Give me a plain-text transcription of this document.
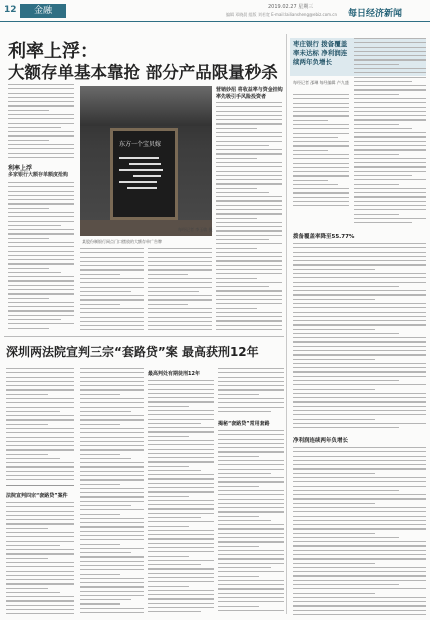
12	金融	2019.02.27 星期三
编辑 邓晓晨 组版 刘若宽 E-mail:lailiansheng@ebiz.com.cn 每日经济新闻
利率上浮：
大额存单基本靠抢 部分产品限量秒杀
利率上浮
多家银行大额存单额度抢购
东方一个宝贝嫁
某股份制银行网点门口摆放的大额存单广告牌
每经记者 李玉敏 摄
营销妙招 将收益率与资金挂钩
率先吸引手风险投资者
枣庄银行 拨备覆盖率未达标 净利润连续两年负增长
每经记者 邵琳 每经编辑 卢九盛
拨备覆盖率降至55.77%
净利润连续两年负增长
深圳两法院宣判三宗“套路贷”案 最高获刑12年
法院宣判四宗“套路贷”案件
最高判处有期徒刑12年
揭秘“套路贷”常用套路
